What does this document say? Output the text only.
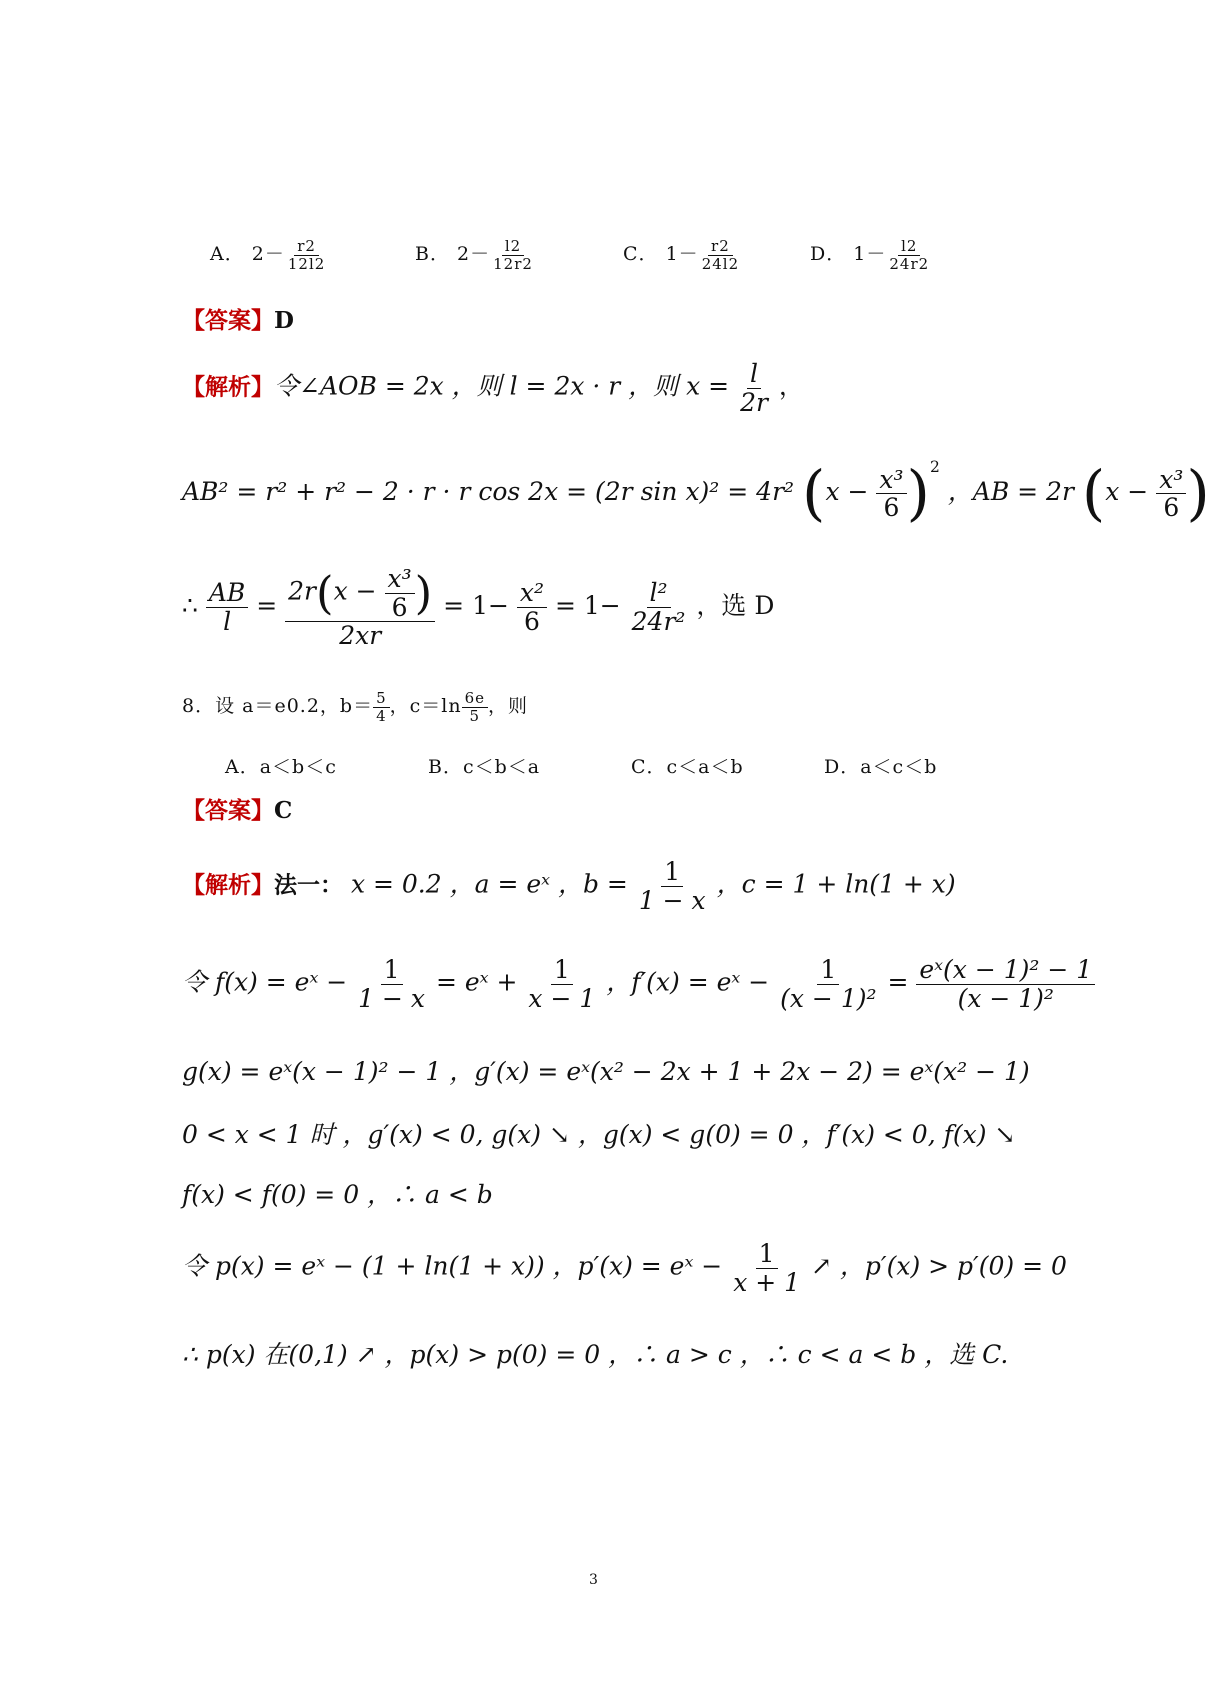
A． $2- \frac{r2}{12l2}$	B． $2- \frac{l2}{12r2}$	C． $1- \frac{r2}{24l2}$	D． $1- \frac{l2}{24r2}$
【答案】D
【解析】令∠AOB = 2x ，则 l = 2x · r ，则 $x = \frac{l}{2r}$ ，
AB² = r² + r² − 2 · r · r cos 2x = (2r sin x)² = 4r² $(x - \frac{\text{x³}}{6} )^2$ ，AB = 2r ($x - \frac{\text{x³}}{6}$ )
∴ $\frac{AB}{l} = \frac{2r(x - \frac{\text{x³}}{6} )}{2xr} = 1- \frac{\text{x²}}{6} = 1- \frac{\text{l²}}{\text{24r²}}$ ，选 D
8．设 a＝e0.2，$b= \frac{5}{4}$ ，$c=\ln \frac{6e}{5}$ ，则
A．a＜b＜c	B．c＜b＜a	C．c＜a＜b	D．a＜c＜b
【答案】C
【解析】法一： x = 0.2 ，a = eˣ ，$b = \frac{1}{1 - x}$ ，c = 1 + ln(1 + x)
令 f(x) = eˣ − $\frac{1}{1 - x}$ = eˣ + $\frac{1}{x - 1}$ ，f′(x) = eˣ − $\frac{1}{\text{(x − 1)²}} = \frac{\text{eˣ(x − 1)² − 1}}{\text{(x − 1)²}}$
g(x) = eˣ(x − 1)² − 1 ，g′(x) = eˣ(x² − 2x + 1 + 2x − 2) = eˣ(x² − 1)
0 < x < 1 时 ，g′(x) < 0, g(x) ↘ ，g(x) < g(0) = 0 ，f′(x) < 0, f(x) ↘
f(x) < f(0) = 0 ，∴ a < b
令 p(x) = eˣ − (1 + ln(1 + x)) ，p′(x) = eˣ − $\frac{1}{x + 1}$ ↗ ，p′(x) > p′(0) = 0
∴ p(x) 在(0,1) ↗ ，p(x) > p(0) = 0 ，∴ a > c ，∴ c < a < b ，选 C.
3
